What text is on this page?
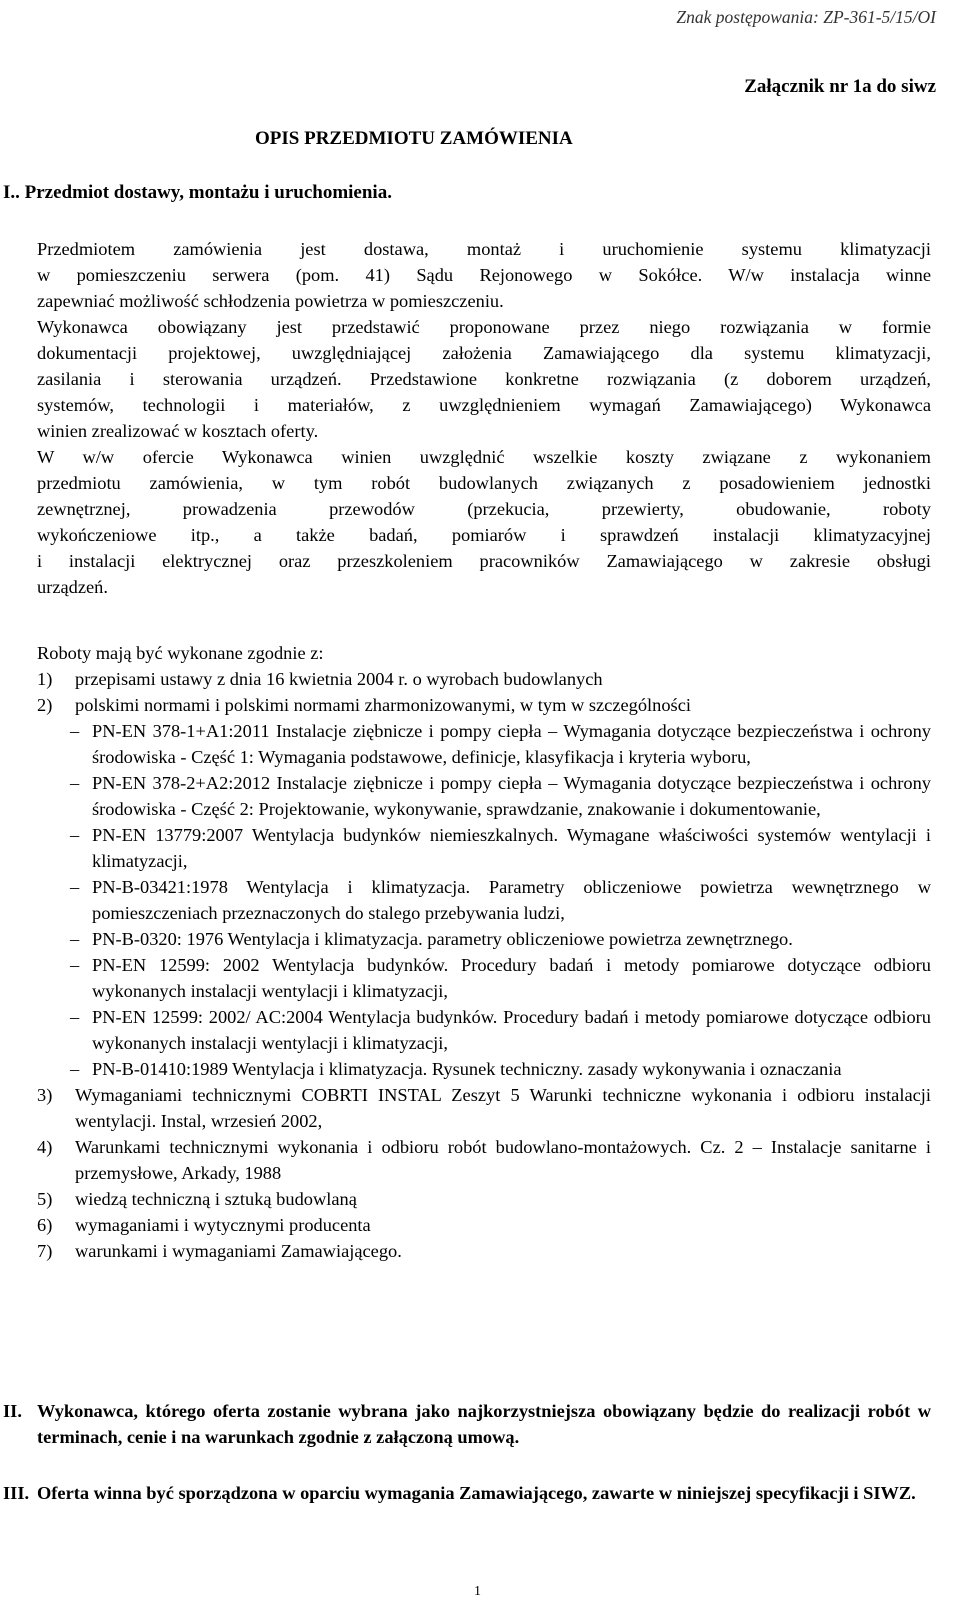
Znak postępowania: ZP-361-5/15/OI
Załącznik nr 1a do siwz
OPIS PRZEDMIOTU ZAMÓWIENIA
I.. Przedmiot dostawy, montażu i uruchomienia.
Przedmiotem zamówienia jest dostawa, montaż i uruchomienie systemu klimatyzacji
w pomieszczeniu serwera (pom. 41) Sądu Rejonowego w Sokółce. W/w instalacja winne
zapewniać możliwość schłodzenia powietrza w pomieszczeniu.
Wykonawca obowiązany jest przedstawić proponowane przez niego rozwiązania w formie
dokumentacji projektowej, uwzględniającej założenia Zamawiającego dla systemu klimatyzacji,
zasilania i sterowania urządzeń. Przedstawione konkretne rozwiązania (z doborem urządzeń,
systemów, technologii i materiałów, z uwzględnieniem wymagań Zamawiającego) Wykonawca
winien zrealizować w kosztach oferty.
W w/w ofercie Wykonawca winien uwzględnić wszelkie koszty związane z wykonaniem
przedmiotu zamówienia, w tym robót budowlanych związanych z posadowieniem jednostki
zewnętrznej, prowadzenia przewodów (przekucia, przewierty, obudowanie, roboty
wykończeniowe itp., a także badań, pomiarów i sprawdzeń instalacji klimatyzacyjnej
i instalacji elektrycznej oraz przeszkoleniem pracowników Zamawiającego w zakresie obsługi
urządzeń.
Roboty mają być wykonane zgodnie z:
1) przepisami ustawy z dnia 16 kwietnia 2004 r. o wyrobach budowlanych
2) polskimi normami i polskimi normami zharmonizowanymi, w tym w szczególności
– PN-EN 378-1+A1:2011 Instalacje ziębnicze i pompy ciepła – Wymagania dotyczące bezpieczeństwa i ochrony środowiska - Część 1: Wymagania podstawowe, definicje, klasyfikacja i kryteria wyboru,
– PN-EN 378-2+A2:2012 Instalacje ziębnicze i pompy ciepła – Wymagania dotyczące bezpieczeństwa i ochrony środowiska - Część 2: Projektowanie, wykonywanie, sprawdzanie, znakowanie i dokumentowanie,
– PN-EN 13779:2007 Wentylacja budynków niemieszkalnych. Wymagane właściwości systemów wentylacji i klimatyzacji,
– PN-B-03421:1978 Wentylacja i klimatyzacja. Parametry obliczeniowe powietrza wewnętrznego w pomieszczeniach przeznaczonych do stalego przebywania ludzi,
– PN-B-0320: 1976 Wentylacja i klimatyzacja. parametry obliczeniowe powietrza zewnętrznego.
– PN-EN 12599: 2002 Wentylacja budynków. Procedury badań i metody pomiarowe dotyczące odbioru wykonanych instalacji wentylacji i klimatyzacji,
– PN-EN 12599: 2002/ AC:2004 Wentylacja budynków. Procedury badań i metody pomiarowe dotyczące odbioru wykonanych instalacji wentylacji i klimatyzacji,
– PN-B-01410:1989 Wentylacja i klimatyzacja. Rysunek techniczny. zasady wykonywania i oznaczania
3) Wymaganiami technicznymi COBRTI INSTAL Zeszyt 5 Warunki techniczne wykonania i odbioru instalacji wentylacji. Instal, wrzesień 2002,
4) Warunkami technicznymi wykonania i odbioru robót budowlano-montażowych. Cz. 2 – Instalacje sanitarne i przemysłowe, Arkady, 1988
5) wiedzą techniczną i sztuką budowlaną
6) wymaganiami i wytycznymi producenta
7) warunkami i wymaganiami Zamawiającego.
II. Wykonawca, którego oferta zostanie wybrana jako najkorzystniejsza obowiązany będzie do realizacji robót w terminach, cenie i na warunkach zgodnie z załączoną umową.
III. Oferta winna być sporządzona w oparciu wymagania Zamawiającego, zawarte w niniejszej specyfikacji i SIWZ.
1
